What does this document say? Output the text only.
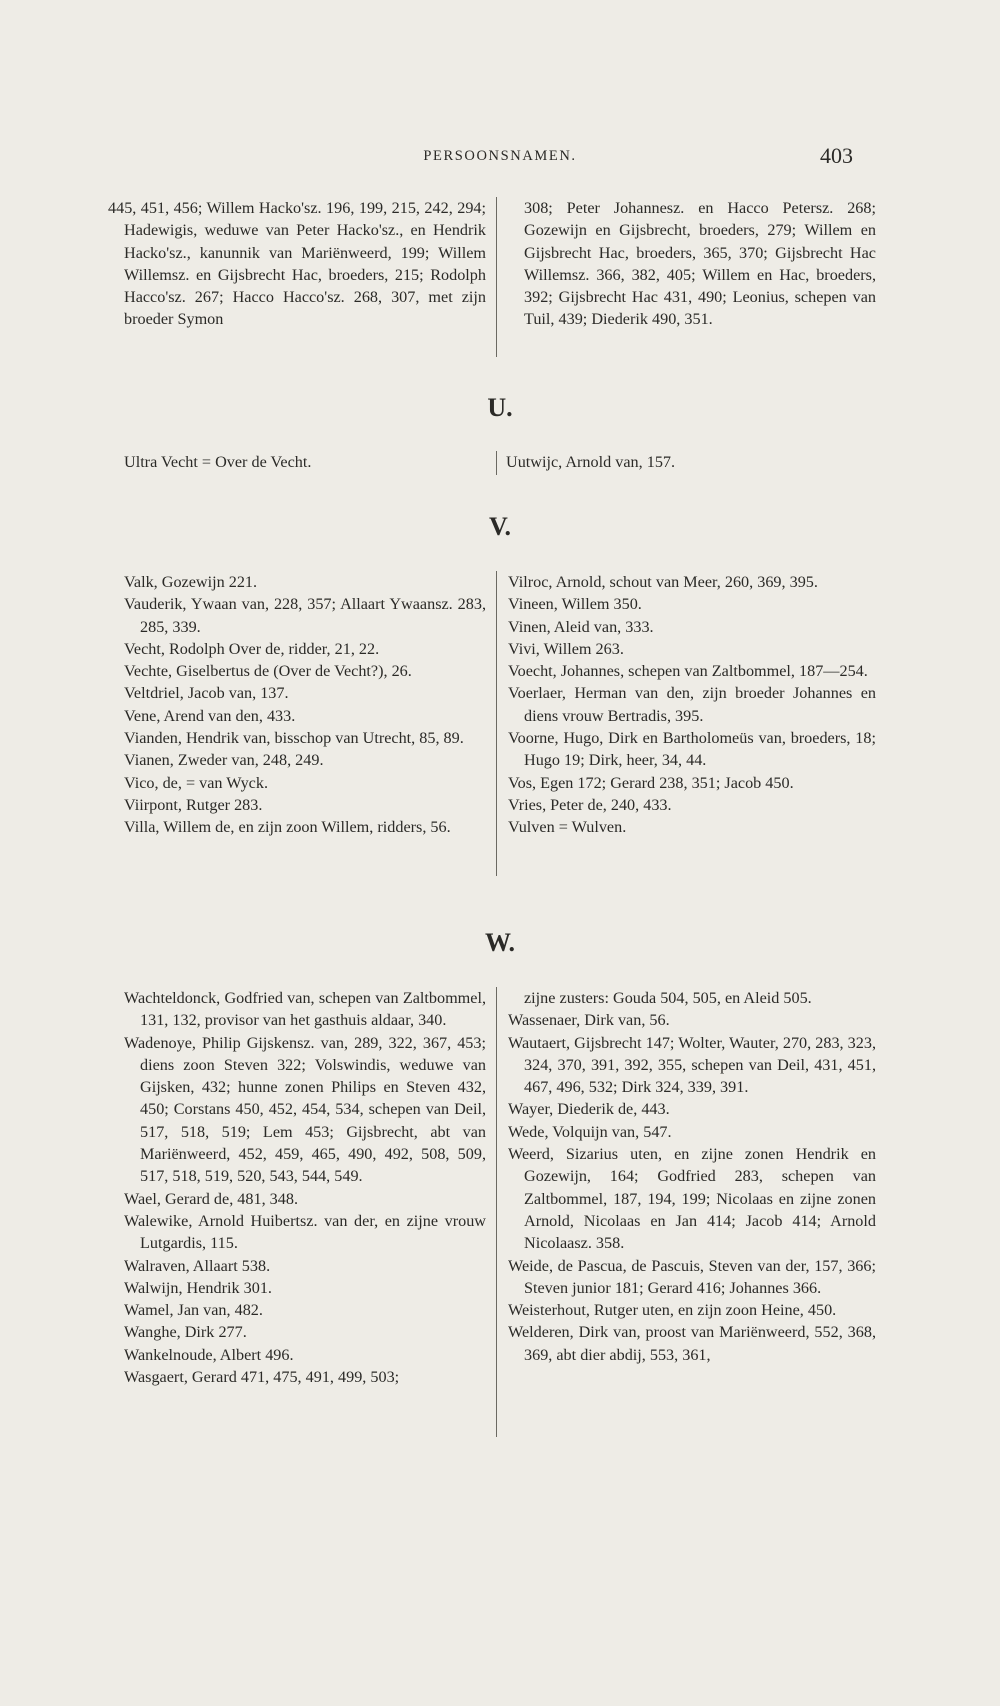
PERSOONSNAMEN.	403
445, 451, 456; Willem Hacko'sz. 196, 199, 215, 242, 294; Hadewigis, weduwe van Peter Hacko'sz., en Hendrik Hacko'sz., kanunnik van Mariënweerd, 199; Willem Willemsz. en Gijsbrecht Hac, broeders, 215; Rodolph Hacco'sz. 267; Hacco Hacco'sz. 268, 307, met zijn broeder Symon
308; Peter Johannesz. en Hacco Petersz. 268; Gozewijn en Gijsbrecht, broeders, 279; Willem en Gijsbrecht Hac, broeders, 365, 370; Gijsbrecht Hac Willemsz. 366, 382, 405; Willem en Hac, broeders, 392; Gijsbrecht Hac 431, 490; Leonius, schepen van Tuil, 439; Diederik 490, 351.
U.
Ultra Vecht = Over de Vecht.	Uutwijc, Arnold van, 157.
V.
Valk, Gozewijn 221.
Vauderik, Ywaan van, 228, 357; Allaart Ywaansz. 283, 285, 339.
Vecht, Rodolph Over de, ridder, 21, 22.
Vechte, Giselbertus de (Over de Vecht?), 26.
Veltdriel, Jacob van, 137.
Vene, Arend van den, 433.
Vianden, Hendrik van, bisschop van Utrecht, 85, 89.
Vianen, Zweder van, 248, 249.
Vico, de, = van Wyck.
Viirpont, Rutger 283.
Villa, Willem de, en zijn zoon Willem, ridders, 56.
Vilroc, Arnold, schout van Meer, 260, 369, 395.
Vineen, Willem 350.
Vinen, Aleid van, 333.
Vivi, Willem 263.
Voecht, Johannes, schepen van Zaltbommel, 187—254.
Voerlaer, Herman van den, zijn broeder Johannes en diens vrouw Bertradis, 395.
Voorne, Hugo, Dirk en Bartholomeüs van, broeders, 18; Hugo 19; Dirk, heer, 34, 44.
Vos, Egen 172; Gerard 238, 351; Jacob 450.
Vries, Peter de, 240, 433.
Vulven = Wulven.
W.
Wachteldonck, Godfried van, schepen van Zaltbommel, 131, 132, provisor van het gasthuis aldaar, 340.
Wadenoye, Philip Gijskensz. van, 289, 322, 367, 453; diens zoon Steven 322; Volswindis, weduwe van Gijsken, 432; hunne zonen Philips en Steven 432, 450; Corstans 450, 452, 454, 534, schepen van Deil, 517, 518, 519; Lem 453; Gijsbrecht, abt van Mariënweerd, 452, 459, 465, 490, 492, 508, 509, 517, 518, 519, 520, 543, 544, 549.
Wael, Gerard de, 481, 348.
Walewike, Arnold Huibertsz. van der, en zijne vrouw Lutgardis, 115.
Walraven, Allaart 538.
Walwijn, Hendrik 301.
Wamel, Jan van, 482.
Wanghe, Dirk 277.
Wankelnoude, Albert 496.
Wasgaert, Gerard 471, 475, 491, 499, 503;
zijne zusters: Gouda 504, 505, en Aleid 505.
Wassenaer, Dirk van, 56.
Wautaert, Gijsbrecht 147; Wolter, Wauter, 270, 283, 323, 324, 370, 391, 392, 355, schepen van Deil, 431, 451, 467, 496, 532; Dirk 324, 339, 391.
Wayer, Diederik de, 443.
Wede, Volquijn van, 547.
Weerd, Sizarius uten, en zijne zonen Hendrik en Gozewijn, 164; Godfried 283, schepen van Zaltbommel, 187, 194, 199; Nicolaas en zijne zonen Arnold, Nicolaas en Jan 414; Jacob 414; Arnold Nicolaasz. 358.
Weide, de Pascua, de Pascuis, Steven van der, 157, 366; Steven junior 181; Gerard 416; Johannes 366.
Weisterhout, Rutger uten, en zijn zoon Heine, 450.
Welderen, Dirk van, proost van Mariënweerd, 552, 368, 369, abt dier abdij, 553, 361,
